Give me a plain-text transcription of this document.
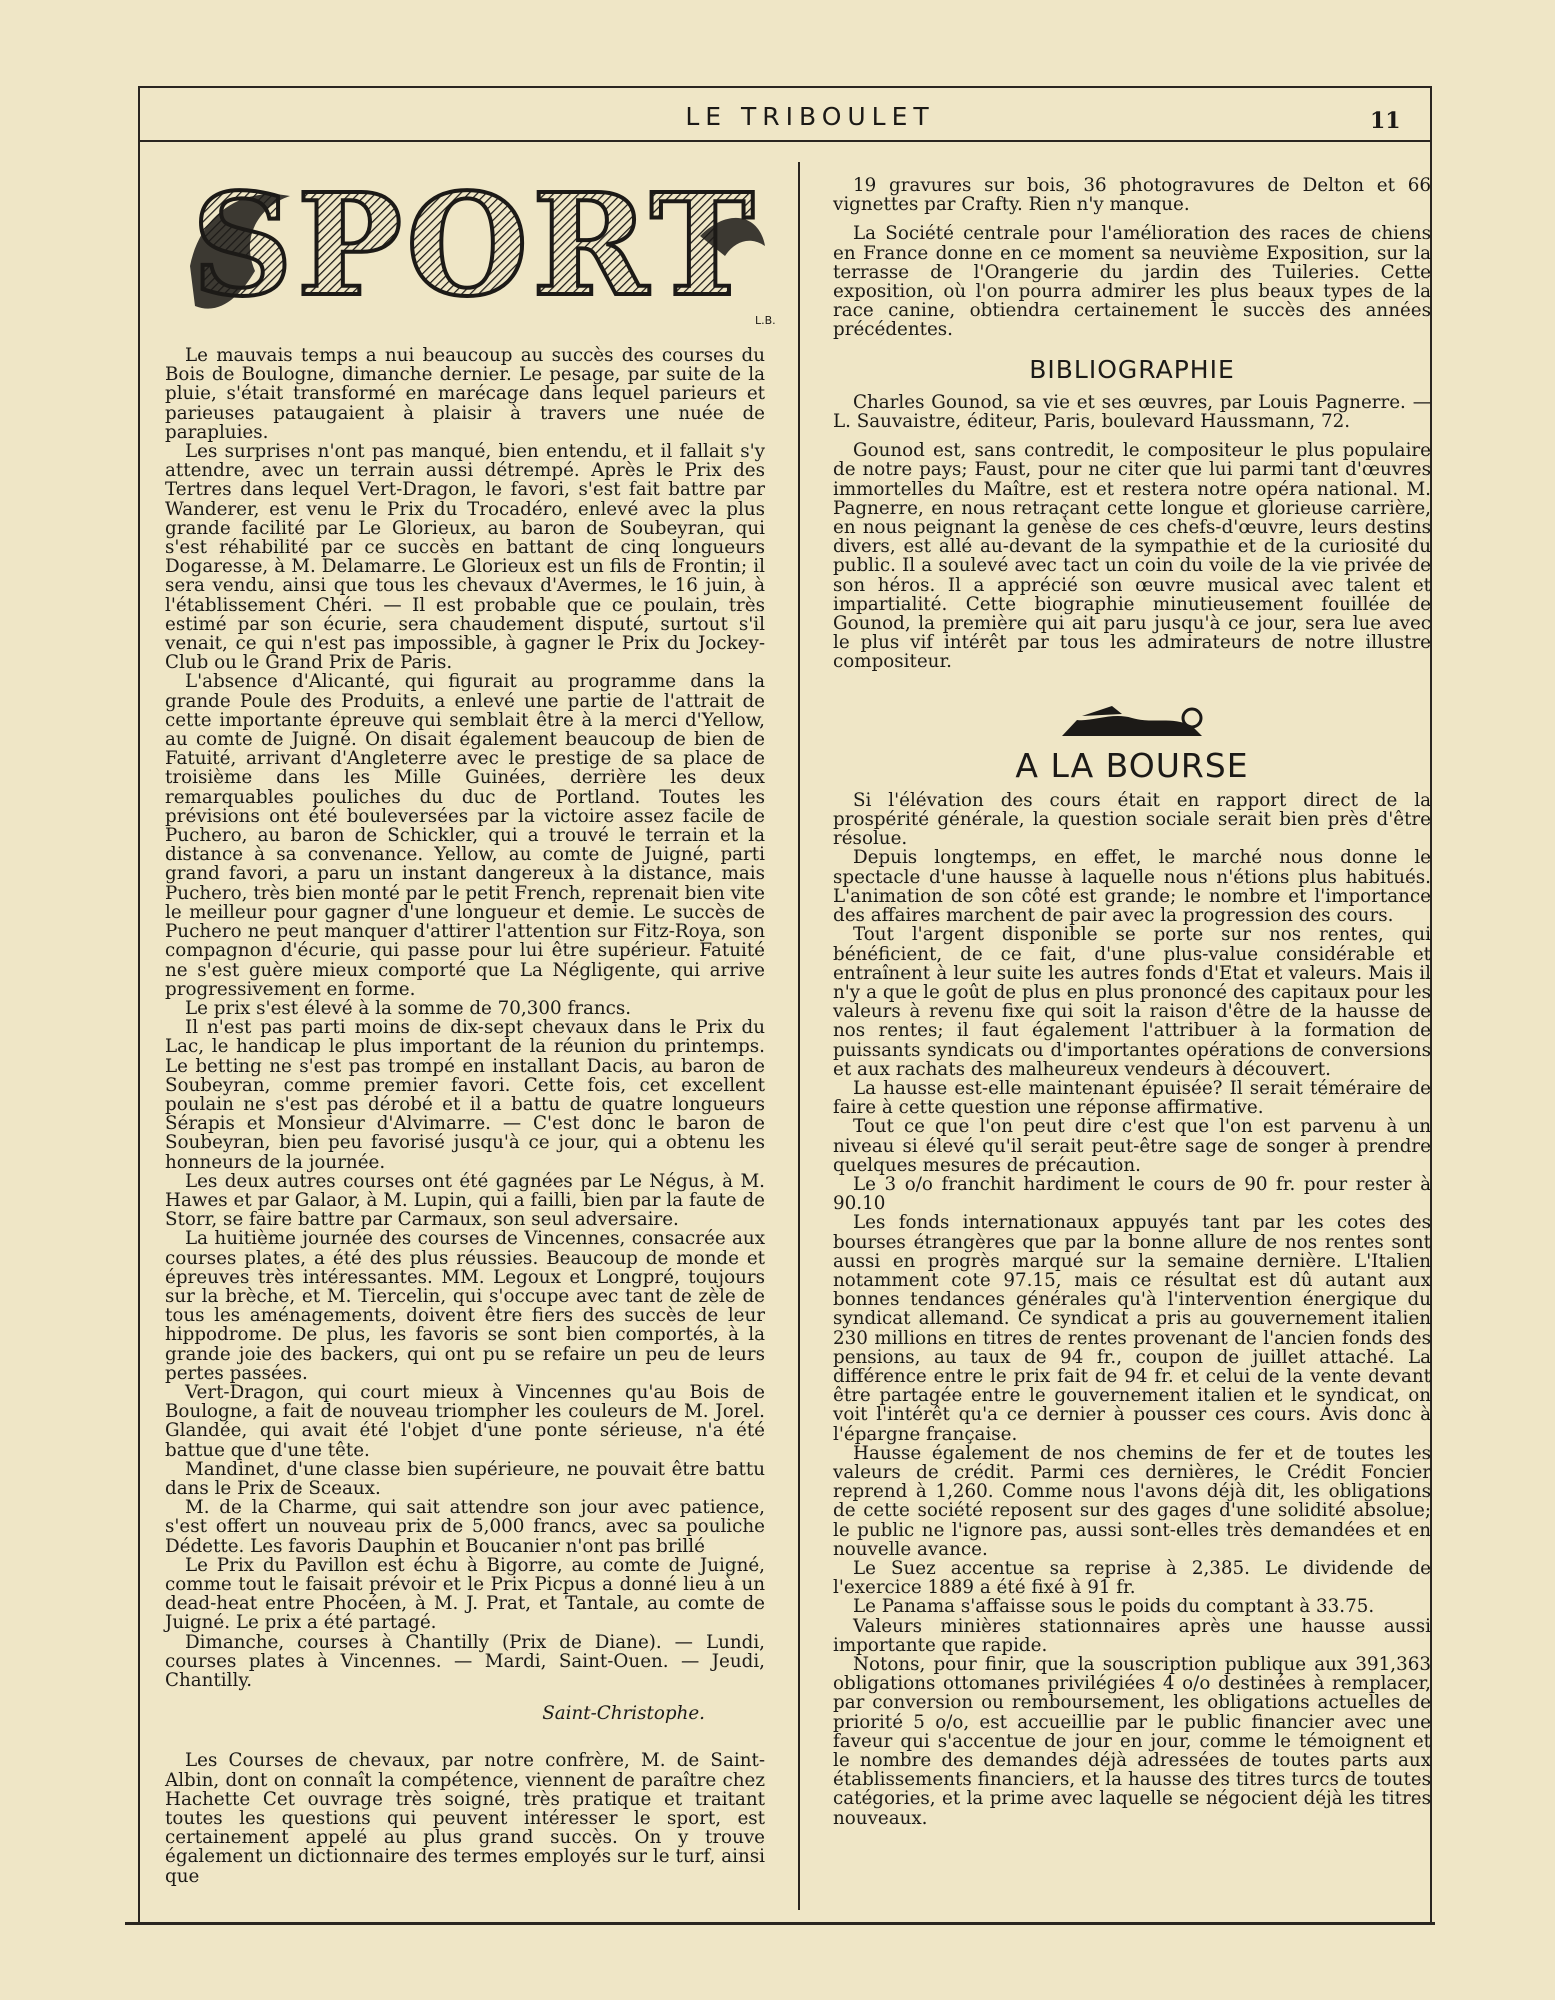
LE TRIBOULET	11
SPORT
L.B.

Le mauvais temps a nui beaucoup au succès des courses du Bois de Boulogne, dimanche dernier. Le pesage, par suite de la pluie, s'était transformé en marécage dans lequel parieurs et parieuses pataugaient à plaisir à travers une nuée de parapluies.

Les surprises n'ont pas manqué, bien entendu, et il fallait s'y attendre, avec un terrain aussi détrempé. Après le Prix des Tertres dans lequel Vert-Dragon, le favori, s'est fait battre par Wanderer, est venu le Prix du Trocadéro, enlevé avec la plus grande facilité par Le Glorieux, au baron de Soubeyran, qui s'est réhabilité par ce succès en battant de cinq longueurs Dogaresse, à M. Delamarre. Le Glorieux est un fils de Frontin; il sera vendu, ainsi que tous les chevaux d'Avermes, le 16 juin, à l'établissement Chéri. — Il est probable que ce poulain, très estimé par son écurie, sera chaudement disputé, surtout s'il venait, ce qui n'est pas impossible, à gagner le Prix du Jockey-Club ou le Grand Prix de Paris.

L'absence d'Alicanté, qui figurait au programme dans la grande Poule des Produits, a enlevé une partie de l'attrait de cette importante épreuve qui semblait être à la merci d'Yellow, au comte de Juigné. On disait également beaucoup de bien de Fatuité, arrivant d'Angleterre avec le prestige de sa place de troisième dans les Mille Guinées, derrière les deux remarquables pouliches du duc de Portland. Toutes les prévisions ont été bouleversées par la victoire assez facile de Puchero, au baron de Schickler, qui a trouvé le terrain et la distance à sa convenance. Yellow, au comte de Juigné, parti grand favori, a paru un instant dangereux à la distance, mais Puchero, très bien monté par le petit French, reprenait bien vite le meilleur pour gagner d'une longueur et demie. Le succès de Puchero ne peut manquer d'attirer l'attention sur Fitz-Roya, son compagnon d'écurie, qui passe pour lui être supérieur. Fatuité ne s'est guère mieux comporté que La Négligente, qui arrive progressivement en forme.

Le prix s'est élevé à la somme de 70,300 francs.

Il n'est pas parti moins de dix-sept chevaux dans le Prix du Lac, le handicap le plus important de la réunion du printemps. Le betting ne s'est pas trompé en installant Dacis, au baron de Soubeyran, comme premier favori. Cette fois, cet excellent poulain ne s'est pas dérobé et il a battu de quatre longueurs Sérapis et Monsieur d'Alvimarre. — C'est donc le baron de Soubeyran, bien peu favorisé jusqu'à ce jour, qui a obtenu les honneurs de la journée.

Les deux autres courses ont été gagnées par Le Négus, à M. Hawes et par Galaor, à M. Lupin, qui a failli, bien par la faute de Storr, se faire battre par Carmaux, son seul adversaire.

La huitième journée des courses de Vincennes, consacrée aux courses plates, a été des plus réussies. Beaucoup de monde et épreuves très intéressantes. MM. Legoux et Longpré, toujours sur la brèche, et M. Tiercelin, qui s'occupe avec tant de zèle de tous les aménagements, doivent être fiers des succès de leur hippodrome. De plus, les favoris se sont bien comportés, à la grande joie des backers, qui ont pu se refaire un peu de leurs pertes passées.

Vert-Dragon, qui court mieux à Vincennes qu'au Bois de Boulogne, a fait de nouveau triompher les couleurs de M. Jorel. Glandée, qui avait été l'objet d'une ponte sérieuse, n'a été battue que d'une tête.

Mandinet, d'une classe bien supérieure, ne pouvait être battu dans le Prix de Sceaux.

M. de la Charme, qui sait attendre son jour avec patience, s'est offert un nouveau prix de 5,000 francs, avec sa pouliche Dédette. Les favoris Dauphin et Boucanier n'ont pas brillé

Le Prix du Pavillon est échu à Bigorre, au comte de Juigné, comme tout le faisait prévoir et le Prix Picpus a donné lieu à un dead-heat entre Phocéen, à M. J. Prat, et Tantale, au comte de Juigné. Le prix a été partagé.

Dimanche, courses à Chantilly (Prix de Diane). — Lundi, courses plates à Vincennes. — Mardi, Saint-Ouen. — Jeudi, Chantilly.

Saint-Christophe.

Les Courses de chevaux, par notre confrère, M. de Saint-Albin, dont on connaît la compétence, viennent de paraître chez Hachette Cet ouvrage très soigné, très pratique et traitant toutes les questions qui peuvent intéresser le sport, est certainement appelé au plus grand succès. On y trouve également un dictionnaire des termes employés sur le turf, ainsi que

19 gravures sur bois, 36 photogravures de Delton et 66 vignettes par Crafty. Rien n'y manque.

La Société centrale pour l'amélioration des races de chiens en France donne en ce moment sa neuvième Exposition, sur la terrasse de l'Orangerie du jardin des Tuileries. Cette exposition, où l'on pourra admirer les plus beaux types de la race canine, obtiendra certainement le succès des années précédentes.

BIBLIOGRAPHIE

Charles Gounod, sa vie et ses œuvres, par Louis Pagnerre. — L. Sauvaistre, éditeur, Paris, boulevard Haussmann, 72.

Gounod est, sans contredit, le compositeur le plus populaire de notre pays; Faust, pour ne citer que lui parmi tant d'œuvres immortelles du Maître, est et restera notre opéra national. M. Pagnerre, en nous retraçant cette longue et glorieuse carrière, en nous peignant la genèse de ces chefs-d'œuvre, leurs destins divers, est allé au-devant de la sympathie et de la curiosité du public. Il a soulevé avec tact un coin du voile de la vie privée de son héros. Il a apprécié son œuvre musical avec talent et impartialité. Cette biographie minutieusement fouillée de Gounod, la première qui ait paru jusqu'à ce jour, sera lue avec le plus vif intérêt par tous les admirateurs de notre illustre compositeur.

A LA BOURSE

Si l'élévation des cours était en rapport direct de la prospérité générale, la question sociale serait bien près d'être résolue.

Depuis longtemps, en effet, le marché nous donne le spectacle d'une hausse à laquelle nous n'étions plus habitués. L'animation de son côté est grande; le nombre et l'importance des affaires marchent de pair avec la progression des cours.

Tout l'argent disponible se porte sur nos rentes, qui bénéficient, de ce fait, d'une plus-value considérable et entraînent à leur suite les autres fonds d'Etat et valeurs. Mais il n'y a que le goût de plus en plus prononcé des capitaux pour les valeurs à revenu fixe qui soit la raison d'être de la hausse de nos rentes; il faut également l'attribuer à la formation de puissants syndicats ou d'importantes opérations de conversions et aux rachats des malheureux vendeurs à découvert.

La hausse est-elle maintenant épuisée? Il serait téméraire de faire à cette question une réponse affirmative.

Tout ce que l'on peut dire c'est que l'on est parvenu à un niveau si élevé qu'il serait peut-être sage de songer à prendre quelques mesures de précaution.

Le 3 o/o franchit hardiment le cours de 90 fr. pour rester à 90.10

Les fonds internationaux appuyés tant par les cotes des bourses étrangères que par la bonne allure de nos rentes sont aussi en progrès marqué sur la semaine dernière. L'Italien notamment cote 97.15, mais ce résultat est dû autant aux bonnes tendances générales qu'à l'intervention énergique du syndicat allemand. Ce syndicat a pris au gouvernement italien 230 millions en titres de rentes provenant de l'ancien fonds des pensions, au taux de 94 fr., coupon de juillet attaché. La différence entre le prix fait de 94 fr. et celui de la vente devant être partagée entre le gouvernement italien et le syndicat, on voit l'intérêt qu'a ce dernier à pousser ces cours. Avis donc à l'épargne française.

Hausse également de nos chemins de fer et de toutes les valeurs de crédit. Parmi ces dernières, le Crédit Foncier reprend à 1,260. Comme nous l'avons déjà dit, les obligations de cette société reposent sur des gages d'une solidité absolue; le public ne l'ignore pas, aussi sont-elles très demandées et en nouvelle avance.

Le Suez accentue sa reprise à 2,385. Le dividende de l'exercice 1889 a été fixé à 91 fr.

Le Panama s'affaisse sous le poids du comptant à 33.75.

Valeurs minières stationnaires après une hausse aussi importante que rapide.

Notons, pour finir, que la souscription publique aux 391,363 obligations ottomanes privilégiées 4 o/o destinées à remplacer, par conversion ou remboursement, les obligations actuelles de priorité 5 o/o, est accueillie par le public financier avec une faveur qui s'accentue de jour en jour, comme le témoignent et le nombre des demandes déjà adressées de toutes parts aux établissements financiers, et la hausse des titres turcs de toutes catégories, et la prime avec laquelle se négocient déjà les titres nouveaux.
